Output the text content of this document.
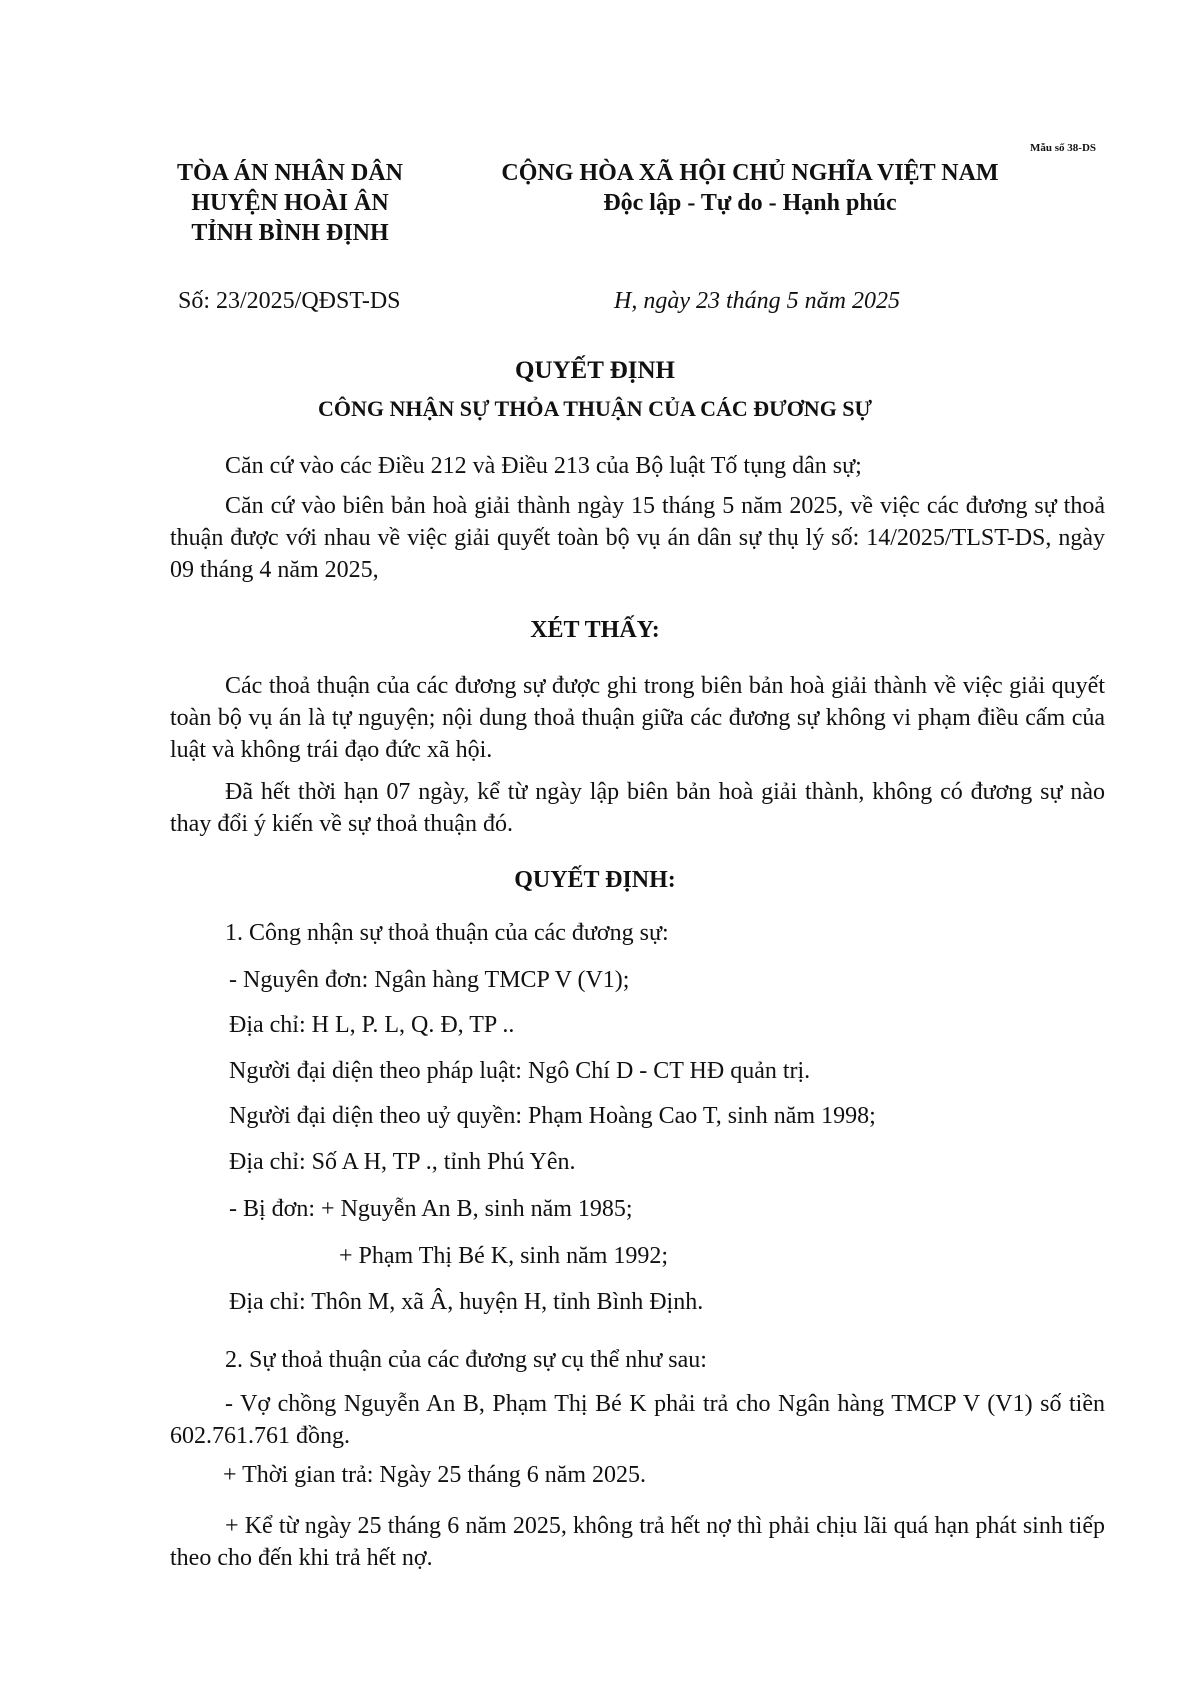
Mẫu số 38-DS
TÒA ÁN NHÂN DÂN
HUYỆN HOÀI ÂN
TỈNH BÌNH ĐỊNH
CỘNG HÒA XÃ HỘI CHỦ NGHĨA VIỆT NAM
Độc lập - Tự do - Hạnh phúc
Số: 23/2025/QĐST-DS	H, ngày 23 tháng 5 năm 2025
QUYẾT ĐỊNH
CÔNG NHẬN SỰ THỎA THUẬN CỦA CÁC ĐƯƠNG SỰ
Căn cứ vào các Điều 212 và Điều 213 của Bộ luật Tố tụng dân sự;
Căn cứ vào biên bản hoà giải thành ngày 15 tháng 5 năm 2025, về việc các đương sự thoả thuận được với nhau về việc giải quyết toàn bộ vụ án dân sự thụ lý số: 14/2025/TLST-DS, ngày 09 tháng 4 năm 2025,
XÉT THẤY:
Các thoả thuận của các đương sự được ghi trong biên bản hoà giải thành về việc giải quyết toàn bộ vụ án là tự nguyện; nội dung thoả thuận giữa các đương sự không vi phạm điều cấm của luật và không trái đạo đức xã hội.
Đã hết thời hạn 07 ngày, kể từ ngày lập biên bản hoà giải thành, không có đương sự nào thay đổi ý kiến về sự thoả thuận đó.
QUYẾT ĐỊNH:
1. Công nhận sự thoả thuận của các đương sự:
- Nguyên đơn: Ngân hàng TMCP V (V1);
Địa chỉ: H L, P. L, Q. Đ, TP ..
Người đại diện theo pháp luật: Ngô Chí D - CT HĐ quản trị.
Người đại diện theo uỷ quyền: Phạm Hoàng Cao T, sinh năm 1998;
Địa chỉ: Số A H, TP ., tỉnh Phú Yên.
- Bị đơn: + Nguyễn An B, sinh năm 1985;
+ Phạm Thị Bé K, sinh năm 1992;
Địa chỉ: Thôn M, xã Â, huyện H, tỉnh Bình Định.
2. Sự thoả thuận của các đương sự cụ thể như sau:
- Vợ chồng Nguyễn An B, Phạm Thị Bé K phải trả cho Ngân hàng TMCP V (V1) số tiền 602.761.761 đồng.
+ Thời gian trả: Ngày 25 tháng 6 năm 2025.
+ Kể từ ngày 25 tháng 6 năm 2025, không trả hết nợ thì phải chịu lãi quá hạn phát sinh tiếp theo cho đến khi trả hết nợ.
